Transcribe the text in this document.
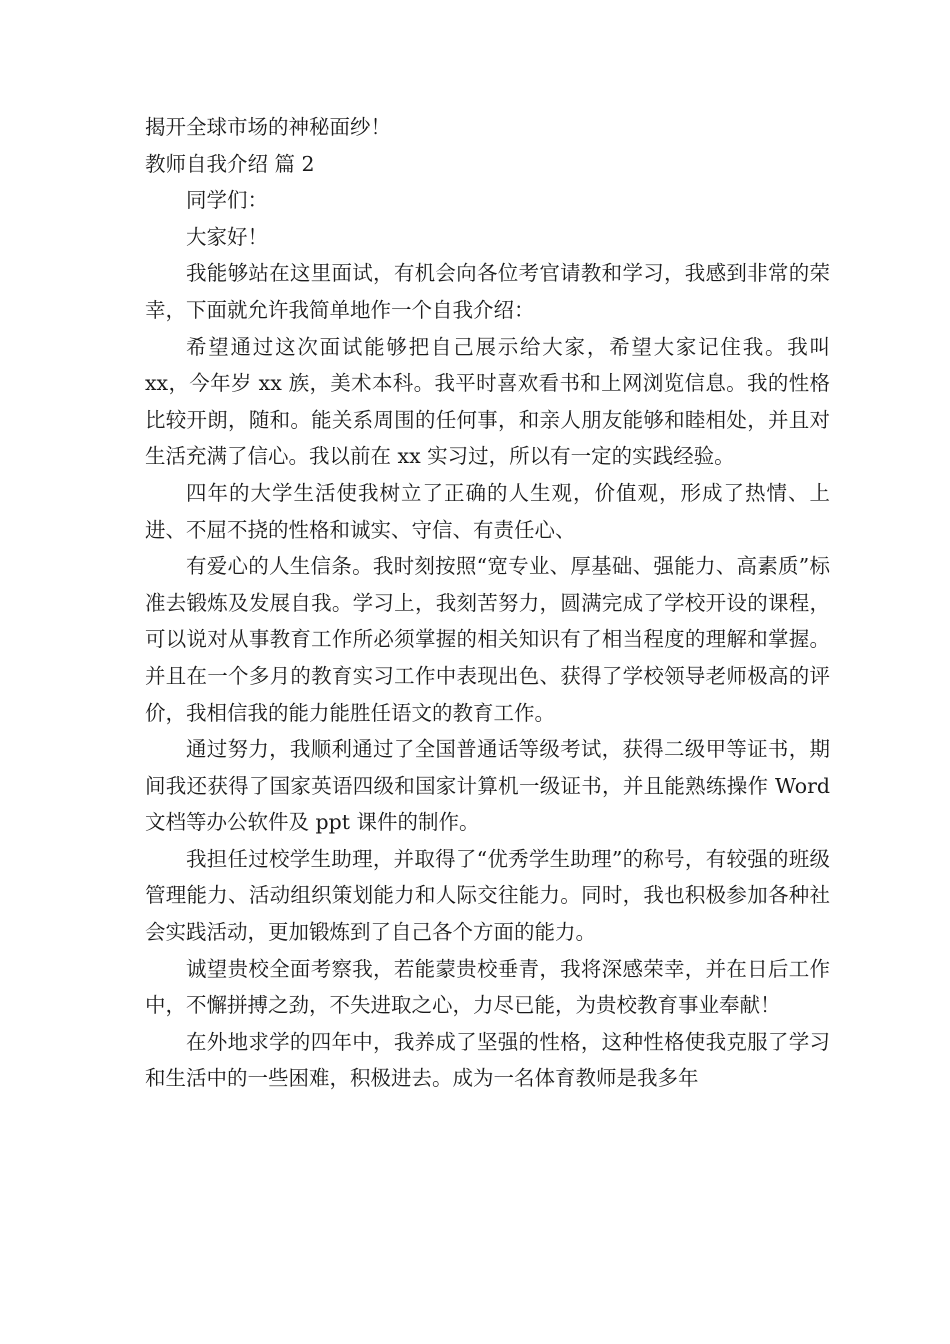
揭开全球市场的神秘面纱！

教师自我介绍 篇 2

同学们：

大家好！

我能够站在这里面试，有机会向各位考官请教和学习，我感到非常的荣幸，下面就允许我简单地作一个自我介绍：

希望通过这次面试能够把自己展示给大家，希望大家记住我。我叫 xx，今年岁 xx 族，美术本科。我平时喜欢看书和上网浏览信息。我的性格比较开朗，随和。能关系周围的任何事，和亲人朋友能够和睦相处，并且对生活充满了信心。我以前在 xx 实习过，所以有一定的实践经验。

四年的大学生活使我树立了正确的人生观，价值观，形成了热情、上进、不屈不挠的性格和诚实、守信、有责任心、

有爱心的人生信条。我时刻按照“宽专业、厚基础、强能力、高素质”标准去锻炼及发展自我。学习上，我刻苦努力，圆满完成了学校开设的课程，可以说对从事教育工作所必须掌握的相关知识有了相当程度的理解和掌握。并且在一个多月的教育实习工作中表现出色、获得了学校领导老师极高的评价，我相信我的能力能胜任语文的教育工作。

通过努力，我顺利通过了全国普通话等级考试，获得二级甲等证书，期间我还获得了国家英语四级和国家计算机一级证书，并且能熟练操作 Word 文档等办公软件及 ppt 课件的制作。

我担任过校学生助理，并取得了“优秀学生助理”的称号，有较强的班级管理能力、活动组织策划能力和人际交往能力。同时，我也积极参加各种社会实践活动，更加锻炼到了自己各个方面的能力。

诚望贵校全面考察我，若能蒙贵校垂青，我将深感荣幸，并在日后工作中，不懈拼搏之劲，不失进取之心，力尽已能，为贵校教育事业奉献！

在外地求学的四年中，我养成了坚强的性格，这种性格使我克服了学习和生活中的一些困难，积极进去。成为一名体育教师是我多年
